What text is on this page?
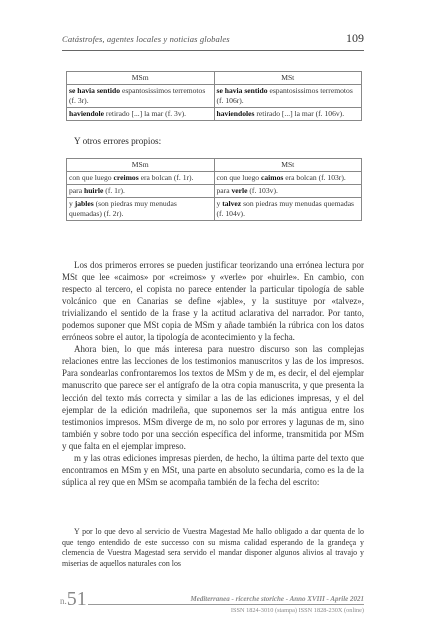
Catástrofes, agentes locales y noticias globales	109
MSm	MSt
se havia sentido espantosissimos terremotos (f. 3r).	se havia sentido espantosissimos terremotos (f. 106r).
haviendole retirado [...] la mar (f. 3v).	haviendoles retirado [...] la mar (f. 106v).
Y otros errores propios:
MSm	MSt
con que luego creimos era bolcan (f. 1r).	con que luego caimos era bolcan (f. 103r).
para huirle (f. 1r).	para verle (f. 103v).
y jables (son piedras muy menudas quemadas) (f. 2r).	y talvez son piedras muy menudas quemadas (f. 104v).

Los dos primeros errores se pueden justificar teorizando una errónea lectura por MSt que lee «caimos» por «creimos» y «verle» por «huirle». En cambio, con respecto al tercero, el copista no parece entender la particular tipología de sable volcánico que en Canarias se define «jable», y la sustituye por «talvez», trivializando el sentido de la frase y la actitud aclarativa del narrador. Por tanto, podemos suponer que MSt copia de MSm y añade también la rúbrica con los datos erróneos sobre el autor, la tipología de acontecimiento y la fecha.

Ahora bien, lo que más interesa para nuestro discurso son las complejas relaciones entre las lecciones de los testimonios manuscritos y las de los impresos. Para sondearlas confrontaremos los textos de MSm y de m, es decir, el del ejemplar manuscrito que parece ser el antígrafo de la otra copia manuscrita, y que presenta la lección del texto más correcta y similar a las de las ediciones impresas, y el del ejemplar de la edición madrileña, que suponemos ser la más antigua entre los testimonios impresos. MSm diverge de m, no solo por errores y lagunas de m, sino también y sobre todo por una sección específica del informe, transmitida por MSm y que falta en el ejemplar impreso.

m y las otras ediciones impresas pierden, de hecho, la última parte del texto que encontramos en MSm y en MSt, una parte en absoluto secundaria, como es la de la súplica al rey que en MSm se acompaña también de la fecha del escrito:

Y por lo que devo al servicio de Vuestra Magestad Me hallo obligado a dar quenta de lo que tengo entendido de este successo con su misma calidad esperando de la grandeça y clemencia de Vuestra Magestad sera servido el mandar disponer algunos alivios al travajo y miserias de aquellos naturales con los

n.51	Mediterranea - ricerche storiche - Anno XVIII - Aprile 2021
ISSN 1824-3010 (stampa) ISSN 1828-230X (online)
